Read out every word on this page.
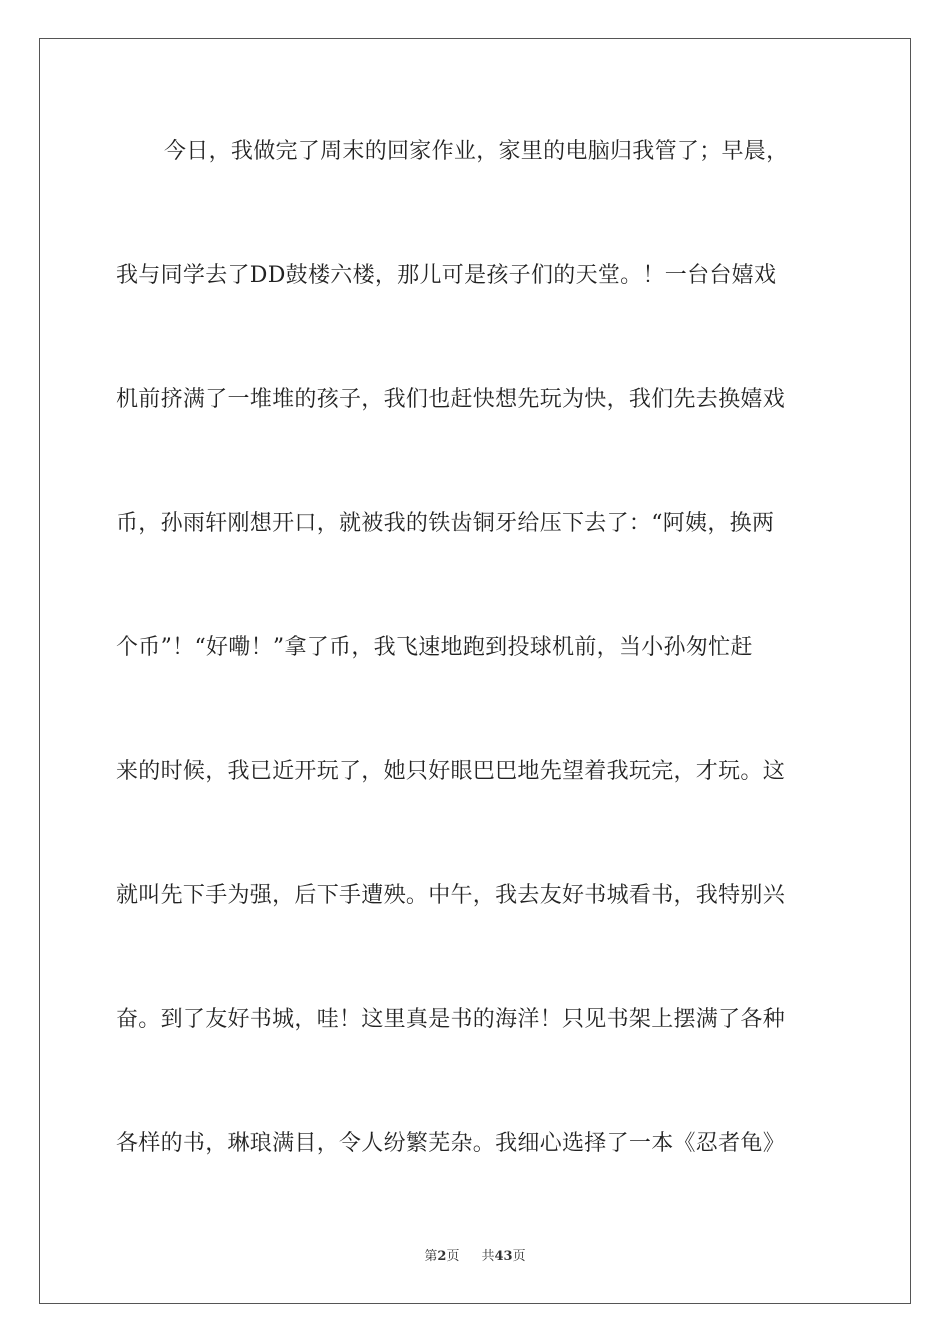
今日，我做完了周末的回家作业，家里的电脑归我管了；早晨，

我与同学去了DD鼓楼六楼，那儿可是孩子们的天堂。！一台台嬉戏

机前挤满了一堆堆的孩子，我们也赶快想先玩为快，我们先去换嬉戏

币，孙雨轩刚想开口，就被我的铁齿铜牙给压下去了：“阿姨，换两

个币”！“好嘞！”拿了币，我飞速地跑到投球机前，当小孙匆忙赶

来的时候，我已近开玩了，她只好眼巴巴地先望着我玩完，才玩。这

就叫先下手为强，后下手遭殃。中午，我去友好书城看书，我特别兴

奋。到了友好书城，哇！这里真是书的海洋！只见书架上摆满了各种

各样的书，琳琅满目，令人纷繁芜杂。我细心选择了一本《忍者龟》

第2页 共43页
